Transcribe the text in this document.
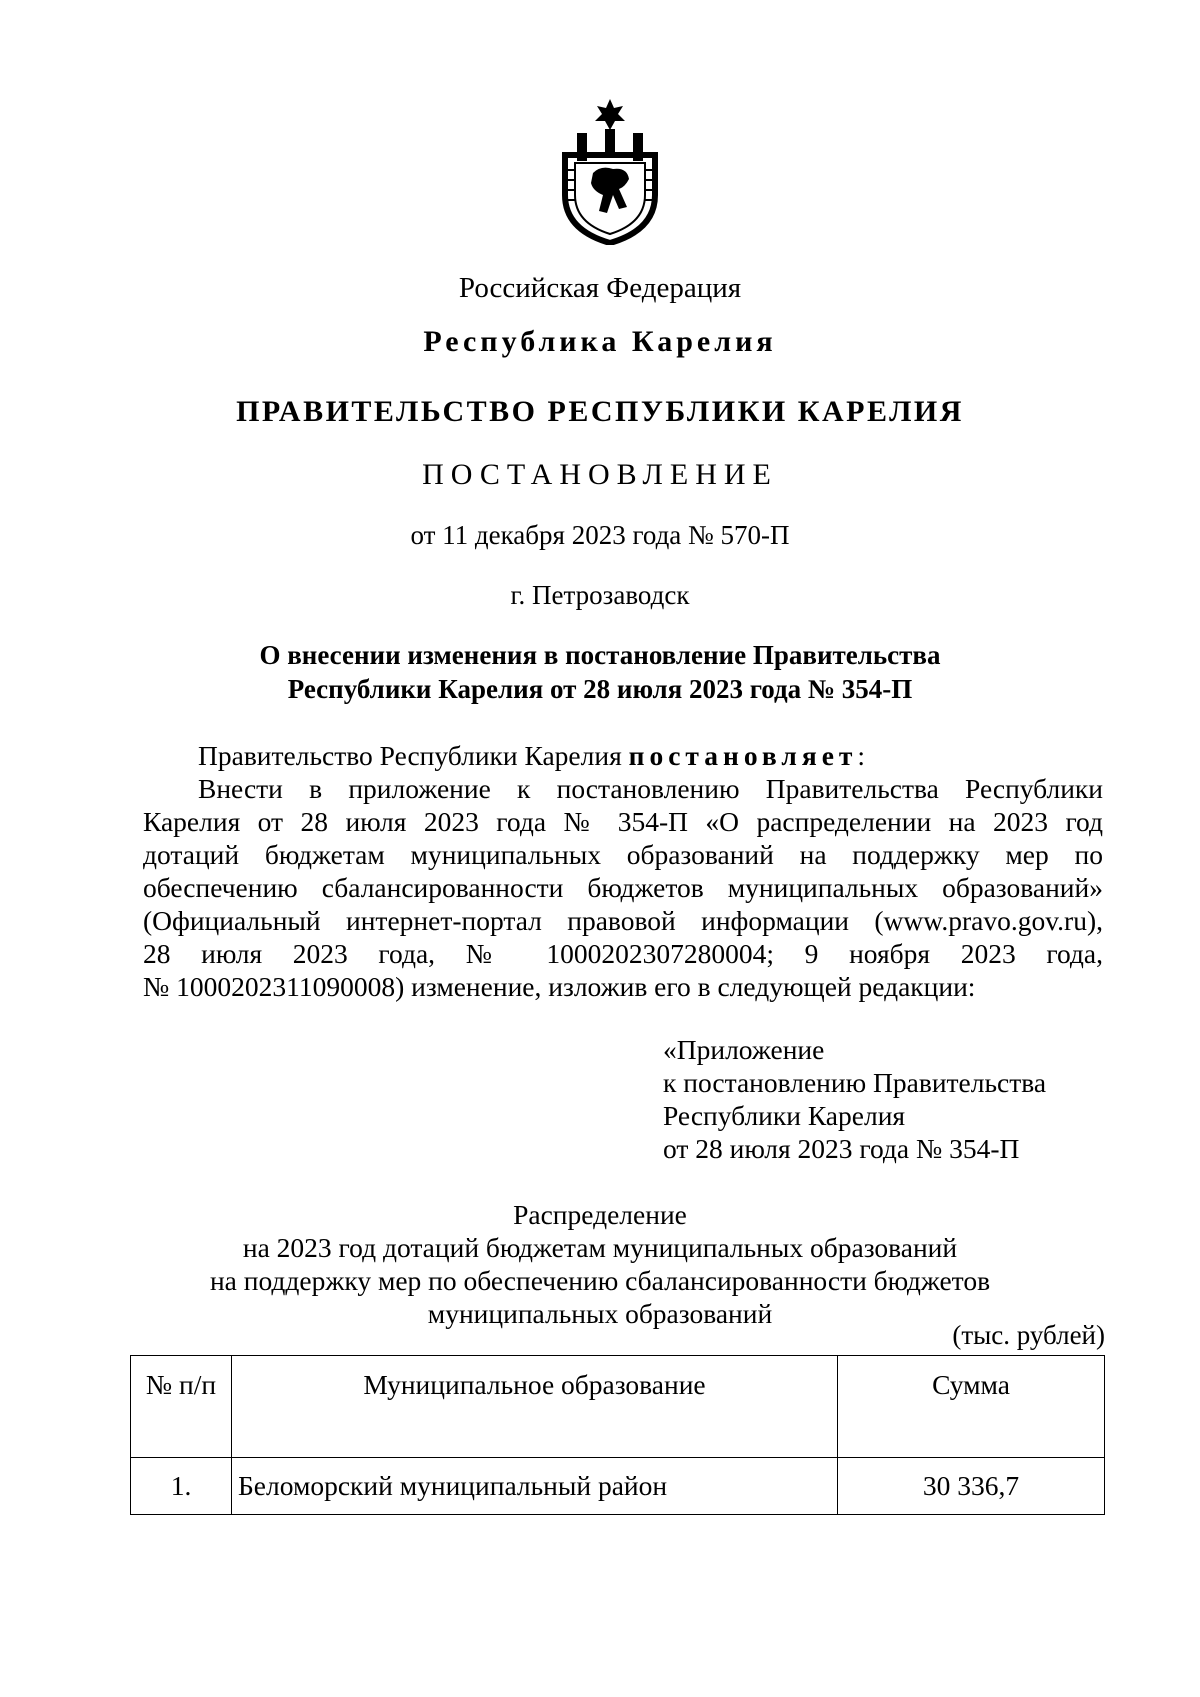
Российская Федерация
Республика Карелия
ПРАВИТЕЛЬСТВО РЕСПУБЛИКИ КАРЕЛИЯ
ПОСТАНОВЛЕНИЕ
от 11 декабря 2023 года № 570-П
г. Петрозаводск
О внесении изменения в постановление Правительства
Республики Карелия от 28 июля 2023 года № 354-П

Правительство Республики Карелия постановляет:

Внести в приложение к постановлению Правительства Республики

Карелия от 28 июля 2023 года № 354-П «О распределении на 2023 год

дотаций бюджетам муниципальных образований на поддержку мер по

обеспечению сбалансированности бюджетов муниципальных образований»

(Официальный интернет-портал правовой информации (www.pravo.gov.ru),

28 июля 2023 года, № 1000202307280004; 9 ноября 2023 года,

№ 1000202311090008) изменение, изложив его в следующей редакции:

«Приложение
к постановлению Правительства
Республики Карелия
от 28 июля 2023 года № 354-П
Распределение
на 2023 год дотаций бюджетам муниципальных образований
на поддержку мер по обеспечению сбалансированности бюджетов
муниципальных образований
(тыс. рублей)
№ п/п	Муниципальное образование	Сумма
1.	Беломорский муниципальный район	30 336,7
